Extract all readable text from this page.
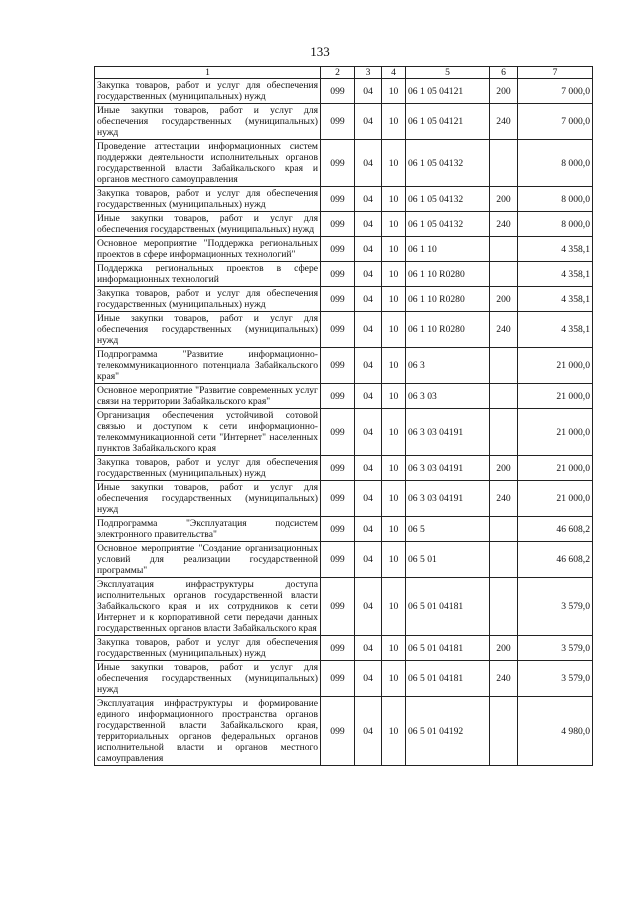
133
1	2	3	4	5	6	7
Закупка товаров, работ и услуг для обеспечения государственных (муниципальных) нужд	099	04	10	06 1 05 04121	200	7 000,0
Иные закупки товаров, работ и услуг для обеспечения государственных (муниципальных) нужд	099	04	10	06 1 05 04121	240	7 000,0
Проведение аттестации информационных систем поддержки деятельности исполнительных органов государственной власти Забайкальского края и органов местного самоуправления	099	04	10	06 1 05 04132		8 000,0
Закупка товаров, работ и услуг для обеспечения государственных (муниципальных) нужд	099	04	10	06 1 05 04132	200	8 000,0
Иные закупки товаров, работ и услуг для обеспечения государственых (муниципальных) нужд	099	04	10	06 1 05 04132	240	8 000,0
Основное мероприятие "Поддержка региональных проектов в сфере информационных технологий"	099	04	10	06 1 10		4 358,1
Поддержка региональных проектов в сфере информационных технологий	099	04	10	06 1 10 R0280		4 358,1
Закупка товаров, работ и услуг для обеспечения государственных (муниципальных) нужд	099	04	10	06 1 10 R0280	200	4 358,1
Иные закупки товаров, работ и услуг для обеспечения государственных (муниципальных) нужд	099	04	10	06 1 10 R0280	240	4 358,1
Подпрограмма "Развитие информационно-телекоммуникационного потенциала Забайкальского края"	099	04	10	06 3		21 000,0
Основное мероприятие "Развитие современных услуг связи на территории Забайкальского края"	099	04	10	06 3 03		21 000,0
Организация обеспечения устойчивой сотовой связью и доступом к сети информационно-телекоммуникационной сети "Интернет" населенных пунктов Забайкальского края	099	04	10	06 3 03 04191		21 000,0
Закупка товаров, работ и услуг для обеспечения государственных (муниципальных) нужд	099	04	10	06 3 03 04191	200	21 000,0
Иные закупки товаров, работ и услуг для обеспечения государственных (муниципальных) нужд	099	04	10	06 3 03 04191	240	21 000,0
Подпрограмма "Эксплуатация подсистем электронного правительства"	099	04	10	06 5		46 608,2
Основное мероприятие "Создание организационных условий для реализации государственной программы"	099	04	10	06 5 01		46 608,2
Эксплуатация инфраструктуры доступа исполнительных органов государственной власти Забайкальского края и их сотрудников к сети Интернет и к корпоративной сети передачи данных государственных органов власти Забайкальского края	099	04	10	06 5 01 04181		3 579,0
Закупка товаров, работ и услуг для обеспечения государственных (муниципальных) нужд	099	04	10	06 5 01 04181	200	3 579,0
Иные закупки товаров, работ и услуг для обеспечения государственных (муниципальных) нужд	099	04	10	06 5 01 04181	240	3 579,0
Эксплуатация инфраструктуры и формирование единого информационного пространства органов государственной власти Забайкальского края, территориальных органов федеральных органов исполнительной власти и органов местного самоуправления	099	04	10	06 5 01 04192		4 980,0
